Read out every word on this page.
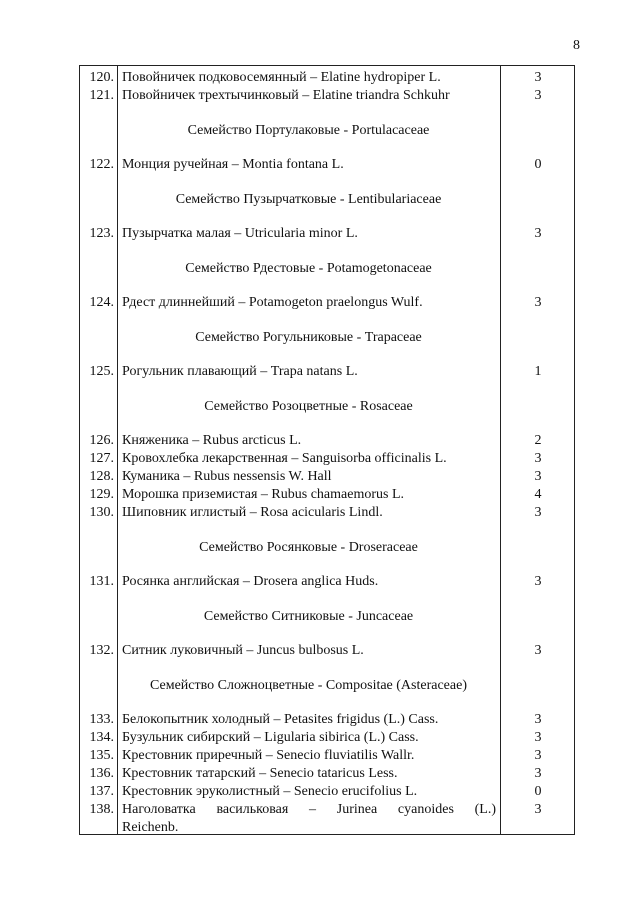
8
120. Повойничек подковосемянный – Elatine hydropiper L.	3
121. Повойничек трехтычинковый – Elatine triandra Schkuhr	3
Семейство Портулаковые - Portulacaceae
122. Монция ручейная – Montia fontana L.	0
Семейство Пузырчатковые - Lentibulariaceae
123. Пузырчатка малая – Utricularia minor L.	3
Семейство Рдестовые - Potamogetonaceae
124. Рдест длиннейший – Potamogeton praelongus Wulf.	3
Семейство Рогульниковые - Trapaceae
125. Рогульник плавающий – Trapa natans L.	1
Семейство Розоцветные - Rosaceae
126. Княженика – Rubus arcticus L.	2
127. Кровохлебка лекарственная – Sanguisorba officinalis L.	3
128. Куманика – Rubus nessensis W. Hall	3
129. Морошка приземистая – Rubus chamaemorus L.	4
130. Шиповник иглистый – Rosa acicularis Lindl.	3
Семейство Росянковые - Droseraceae
131. Росянка английская – Drosera anglica Huds.	3
Семейство Ситниковые - Juncaceae
132. Ситник луковичный – Juncus bulbosus L.	3
Семейство Сложноцветные - Compositae (Asteraceae)
133. Белокопытник холодный – Petasites frigidus (L.) Cass.	3
134. Бузульник сибирский – Ligularia sibirica (L.) Cass.	3
135. Крестовник приречный – Senecio fluviatilis Wallr.	3
136. Крестовник татарский – Senecio tataricus Less.	3
137. Крестовник эруколистный – Senecio erucifolius L.	0
138. Наголоватка васильковая – Jurinea cyanoides (L.)	3
Reichenb.
